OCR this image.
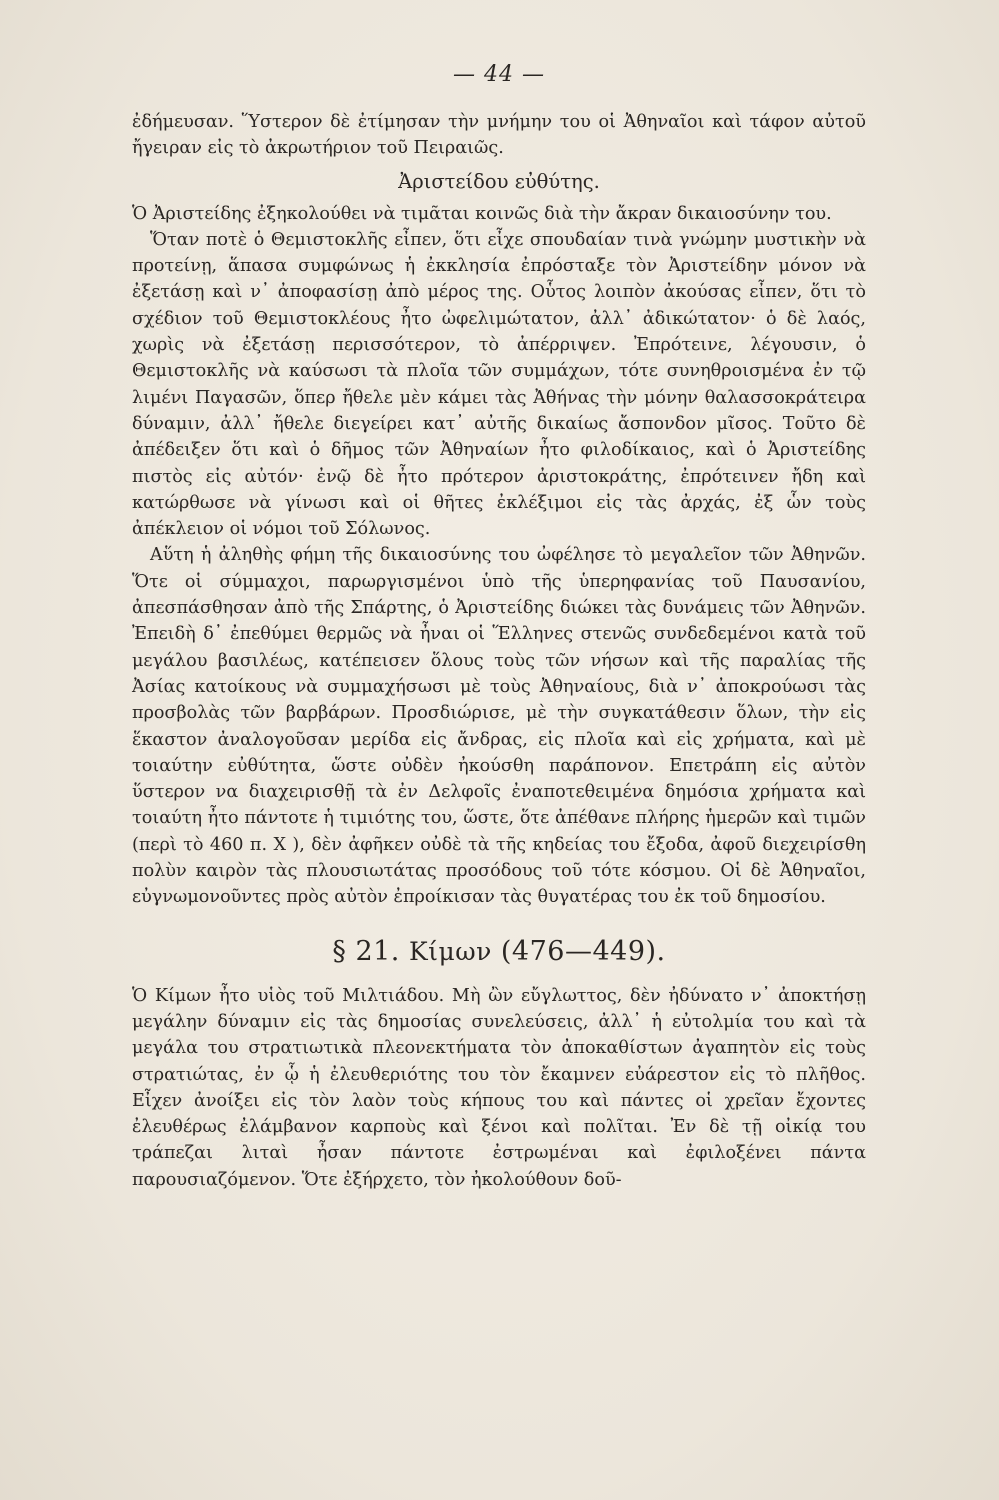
— 44 —

ἐδήμευσαν. Ὕστερον δὲ ἐτίμησαν τὴν μνήμην του οἱ Ἀθηναῖοι καὶ τάφον αὐτοῦ ἤγειραν εἰς τὸ ἀκρωτήριον τοῦ Πειραιῶς.

Ἀριστείδου εὐθύτης.

Ὁ Ἀριστείδης ἐξηκολούθει νὰ τιμᾶται κοινῶς διὰ τὴν ἄκραν δικαιοσύνην του.

Ὅταν ποτὲ ὁ Θεμιστοκλῆς εἶπεν, ὅτι εἶχε σπουδαίαν τινὰ γνώμην μυστικὴν νὰ προτείνῃ, ἅπασα συμφώνως ἡ ἐκκλησία ἐπρόσταξε τὸν Ἀριστείδην μόνον νὰ ἐξετάσῃ καὶ ν᾿ ἀποφασίσῃ ἀπὸ μέρος της. Οὗτος λοιπὸν ἀκούσας εἶπεν, ὅτι τὸ σχέδιον τοῦ Θεμιστοκλέους ἦτο ὠφελιμώτατον, ἀλλ᾿ ἀδικώτατον· ὁ δὲ λαός, χωρὶς νὰ ἐξετάσῃ περισσότερον, τὸ ἀπέρριψεν. Ἐπρότεινε, λέγουσιν, ὁ Θεμιστοκλῆς νὰ καύσωσι τὰ πλοῖα τῶν συμμάχων, τότε συνηθροισμένα ἐν τῷ λιμένι Παγασῶν, ὅπερ ἤθελε μὲν κάμει τὰς Ἀθήνας τὴν μόνην θαλασσοκράτειρα δύναμιν, ἀλλ᾿ ἤθελε διεγείρει κατ᾿ αὐτῆς δικαίως ἄσπονδον μῖσος. Τοῦτο δὲ ἀπέδειξεν ὅτι καὶ ὁ δῆμος τῶν Ἀθηναίων ἦτο φιλοδίκαιος, καὶ ὁ Ἀριστείδης πιστὸς εἰς αὐτόν· ἐνῷ δὲ ἦτο πρότερον ἀριστοκράτης, ἐπρότεινεν ἤδη καὶ κατώρθωσε νὰ γίνωσι καὶ οἱ θῆτες ἐκλέξιμοι εἰς τὰς ἀρχάς, ἐξ ὧν τοὺς ἀπέκλειον οἱ νόμοι τοῦ Σόλωνος.

Αὕτη ἡ ἀληθὴς φήμη τῆς δικαιοσύνης του ὠφέλησε τὸ μεγαλεῖον τῶν Ἀθηνῶν. Ὅτε οἱ σύμμαχοι, παρωργισμένοι ὑπὸ τῆς ὑπερηφανίας τοῦ Παυσανίου, ἀπεσπάσθησαν ἀπὸ τῆς Σπάρτης, ὁ Ἀριστείδης διώκει τὰς δυνάμεις τῶν Ἀθηνῶν. Ἐπειδὴ δ᾿ ἐπεθύμει θερμῶς νὰ ἦναι οἱ Ἕλληνες στενῶς συνδεδεμένοι κατὰ τοῦ μεγάλου βασιλέως, κατέπεισεν ὅλους τοὺς τῶν νήσων καὶ τῆς παραλίας τῆς Ἀσίας κατοίκους νὰ συμμαχήσωσι μὲ τοὺς Ἀθηναίους, διὰ ν᾿ ἀποκρούωσι τὰς προσβολὰς τῶν βαρβάρων. Προσδιώρισε, μὲ τὴν συγκατάθεσιν ὅλων, τὴν εἰς ἕκαστον ἀναλογοῦσαν μερίδα εἰς ἄνδρας, εἰς πλοῖα καὶ εἰς χρήματα, καὶ μὲ τοιαύτην εὐθύτητα, ὥστε οὐδὲν ἠκούσθη παράπονον. Επετράπη εἰς αὐτὸν ὕστερον να διαχειρισθῇ τὰ ἐν Δελφοῖς ἐναποτεθειμένα δημόσια χρήματα καὶ τοιαύτη ἦτο πάντοτε ἡ τιμιότης του, ὥστε, ὅτε ἀπέθανε πλήρης ἡμερῶν καὶ τιμῶν (περὶ τὸ 460 π. Χ ), δὲν ἀφῆκεν οὐδὲ τὰ τῆς κηδείας του ἔξοδα, ἀφοῦ διεχειρίσθη πολὺν καιρὸν τὰς πλουσιωτάτας προσόδους τοῦ τότε κόσμου. Οἱ δὲ Ἀθηναῖοι, εὐγνωμονοῦντες πρὸς αὐτὸν ἐπροίκισαν τὰς θυγατέρας του ἐκ τοῦ δημοσίου.

§ 21. Κίμων (476—449).

Ὁ Κίμων ἦτο υἱὸς τοῦ Μιλτιάδου. Μὴ ὢν εὔγλωττος, δὲν ἠδύνατο ν᾿ ἀποκτήσῃ μεγάλην δύναμιν εἰς τὰς δημοσίας συνελεύσεις, ἀλλ᾿ ἡ εὐτολμία του καὶ τὰ μεγάλα του στρατιωτικὰ πλεονεκτήματα τὸν ἀποκαθίστων ἀγαπητὸν εἰς τοὺς στρατιώτας, ἐν ᾧ ἡ ἐλευθεριότης του τὸν ἔκαμνεν εὐάρεστον εἰς τὸ πλῆθος. Εἶχεν ἀνοίξει εἰς τὸν λαὸν τοὺς κήπους του καὶ πάντες οἱ χρεῖαν ἔχοντες ἐλευθέρως ἐλάμβανον καρποὺς καὶ ξένοι καὶ πολῖται. Ἐν δὲ τῇ οἰκίᾳ του τράπεζαι λιταὶ ἦσαν πάντοτε ἐστρωμέναι καὶ ἐφιλοξένει πάντα παρουσιαζόμενον. Ὅτε ἐξήρχετο, τὸν ἠκολούθουν δοῦ-
